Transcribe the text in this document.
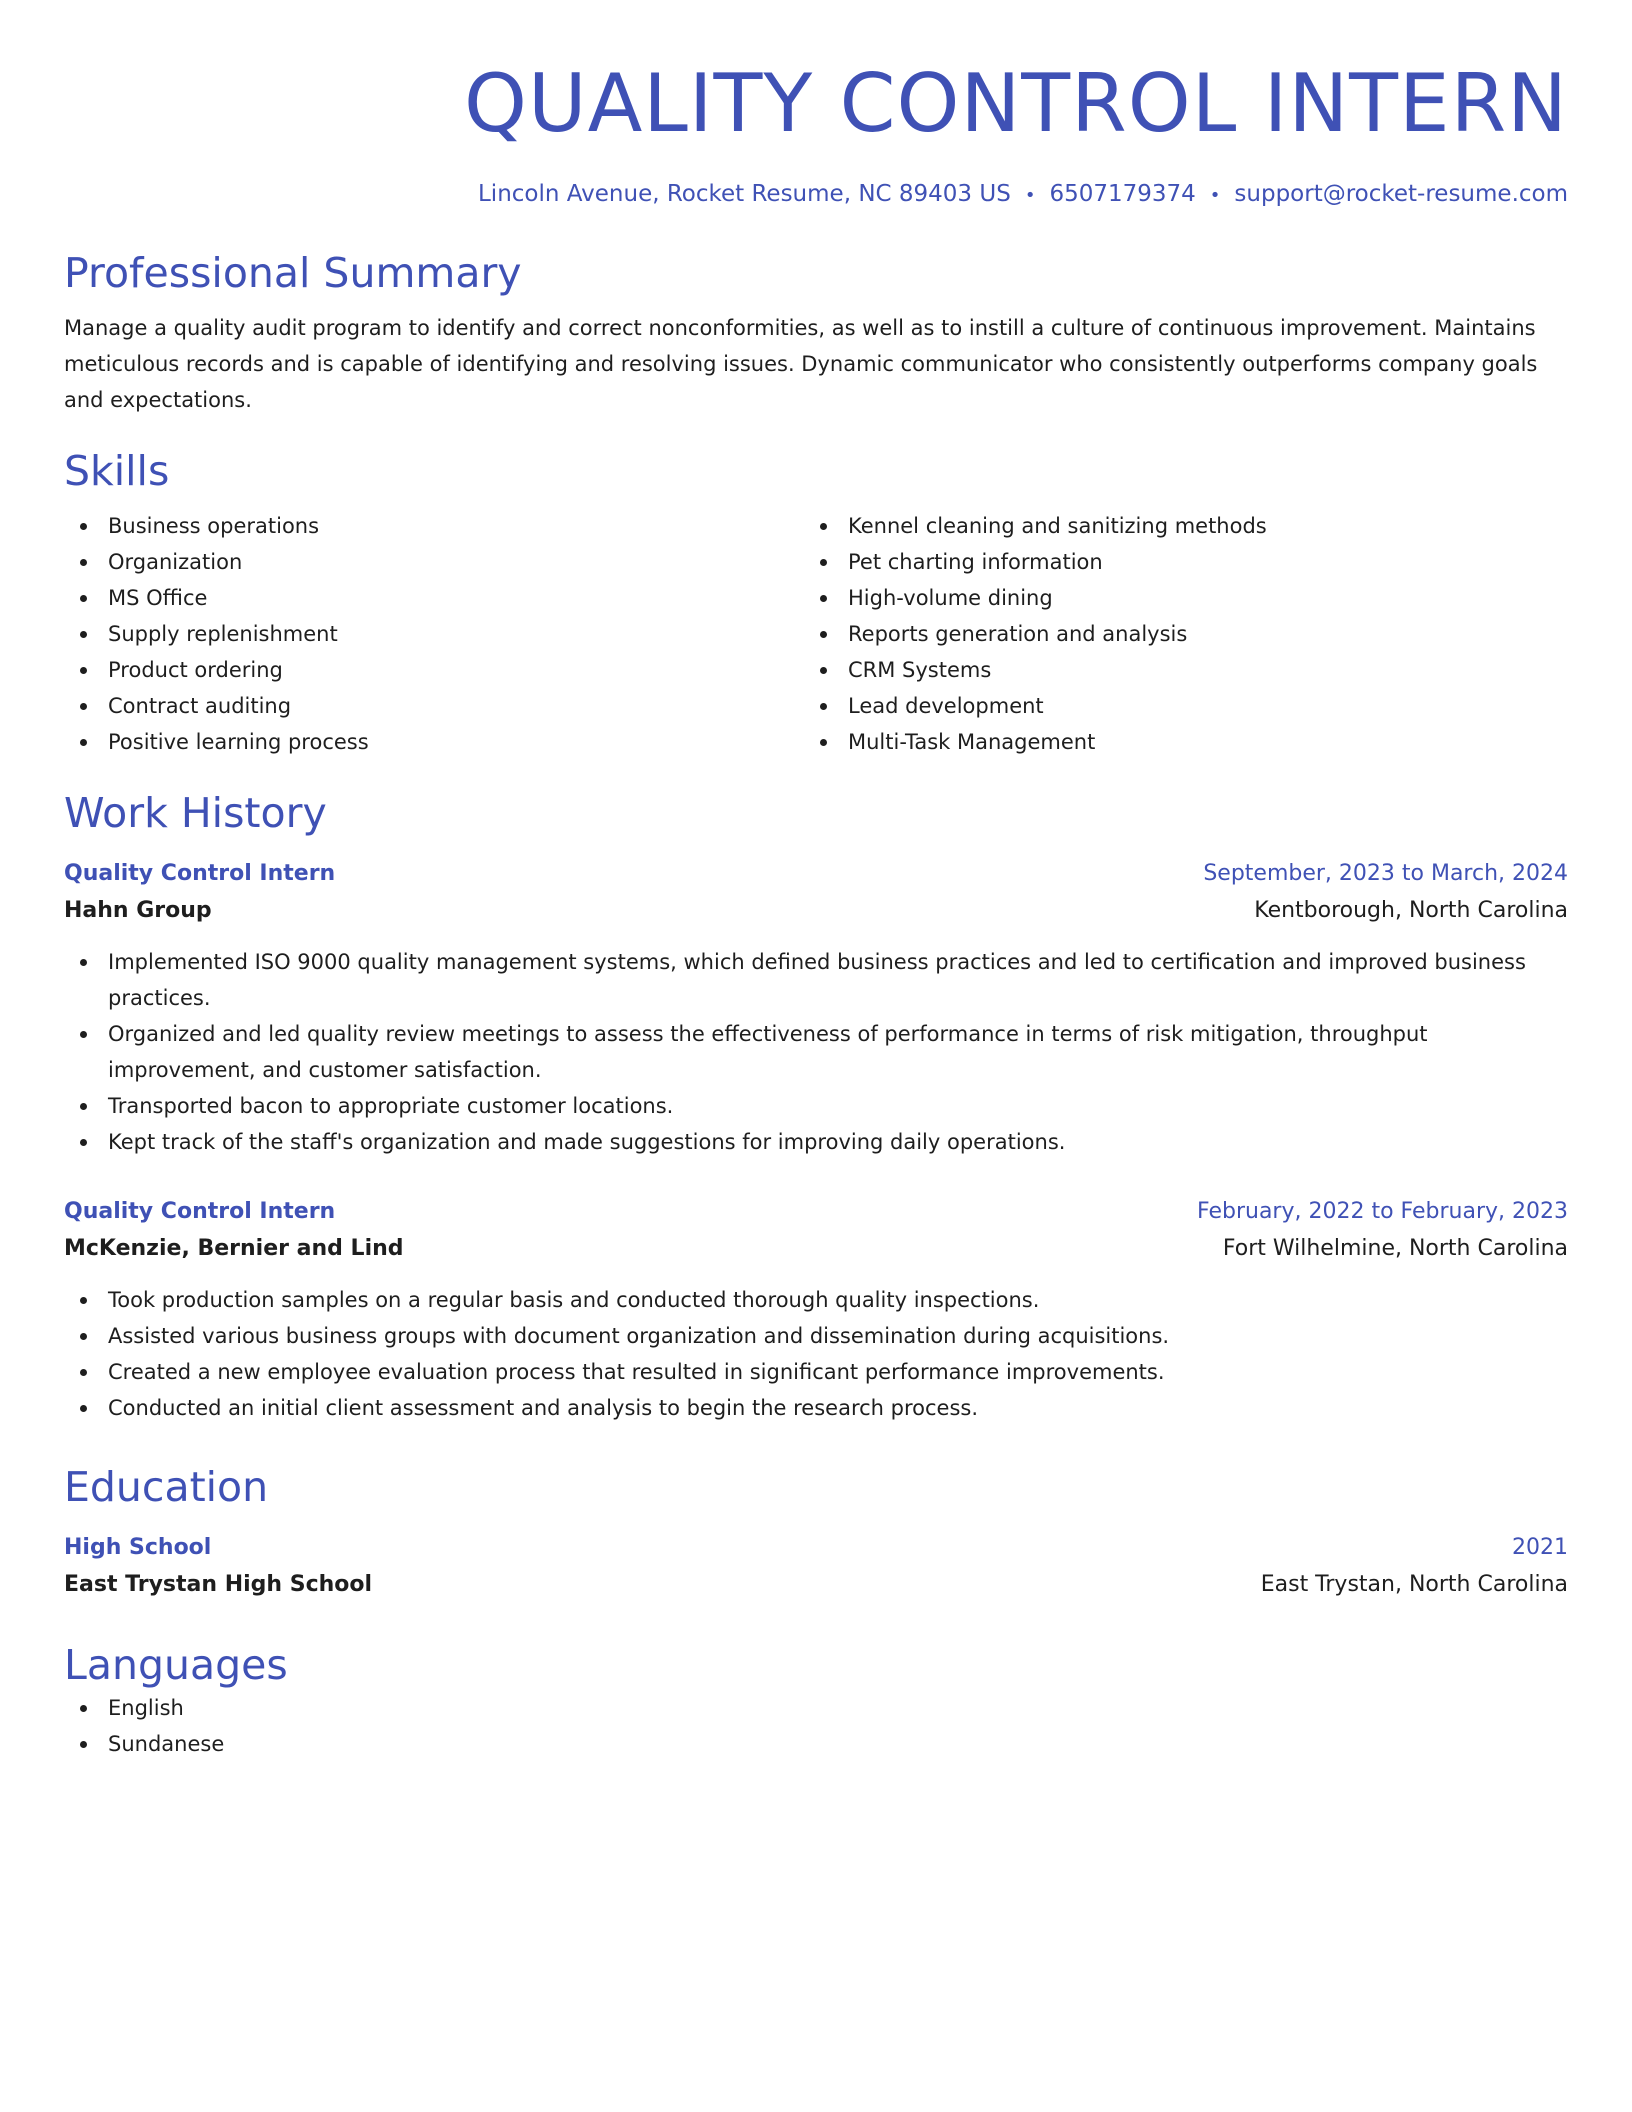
QUALITY CONTROL INTERN
Lincoln Avenue, Rocket Resume, NC 89403 US • 6507179374 • support@rocket-resume.com
Professional Summary
Manage a quality audit program to identify and correct nonconformities, as well as to instill a culture of continuous improvement. Maintains meticulous records and is capable of identifying and resolving issues. Dynamic communicator who consistently outperforms company goals and expectations.
Skills
Business operations
Organization
MS Office
Supply replenishment
Product ordering
Contract auditing
Positive learning process
Kennel cleaning and sanitizing methods
Pet charting information
High-volume dining
Reports generation and analysis
CRM Systems
Lead development
Multi-Task Management
Work History
Quality Control Intern	September, 2023 to March, 2024
Hahn Group	Kentborough, North Carolina
Implemented ISO 9000 quality management systems, which defined business practices and led to certification and improved business practices.
Organized and led quality review meetings to assess the effectiveness of performance in terms of risk mitigation, throughput improvement, and customer satisfaction.
Transported bacon to appropriate customer locations.
Kept track of the staff's organization and made suggestions for improving daily operations.
Quality Control Intern	February, 2022 to February, 2023
McKenzie, Bernier and Lind	Fort Wilhelmine, North Carolina
Took production samples on a regular basis and conducted thorough quality inspections.
Assisted various business groups with document organization and dissemination during acquisitions.
Created a new employee evaluation process that resulted in significant performance improvements.
Conducted an initial client assessment and analysis to begin the research process.
Education
High School	2021
East Trystan High School	East Trystan, North Carolina
Languages
English
Sundanese
